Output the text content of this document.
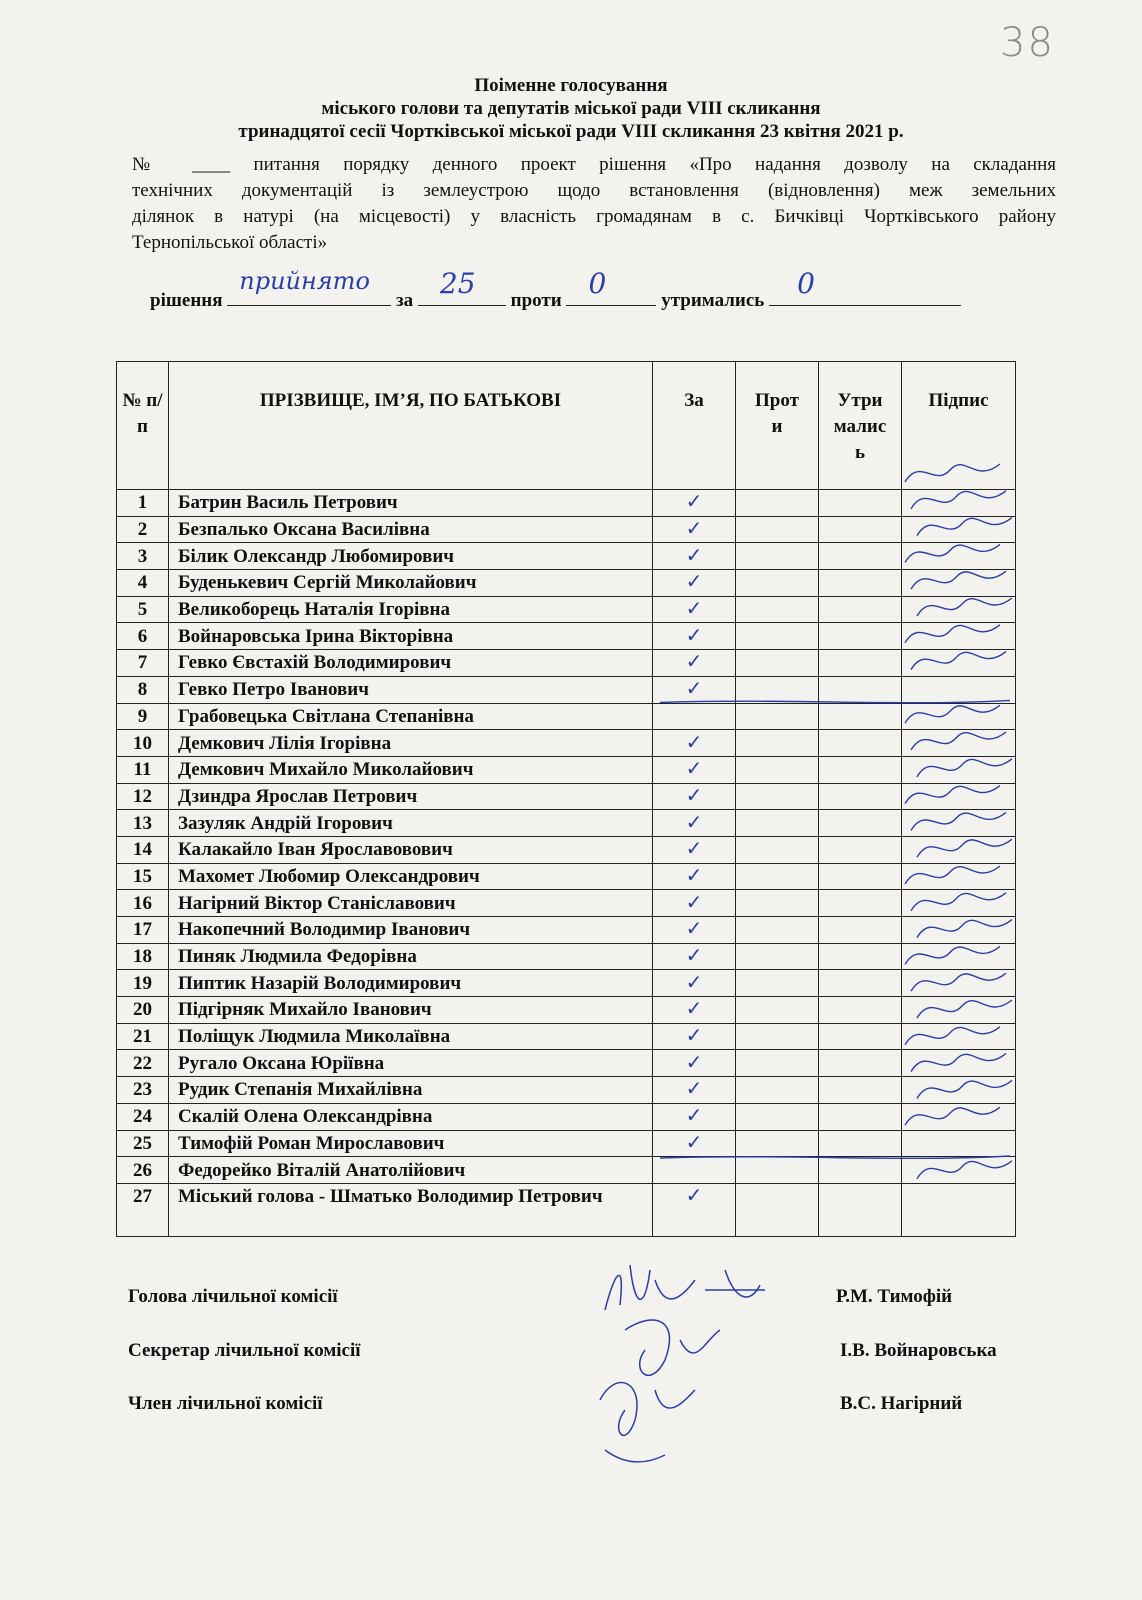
38
Поіменне голосування
міського голови та депутатів міської ради VIII скликання
тринадцятої сесії Чортківської міської ради VIII скликання 23 квітня 2021 р.
№ ____ питання порядку денного проект рішення «Про надання дозволу на складання
технічних документацій із землеустрою щодо встановлення (відновлення) меж земельних
ділянок в натурі (на місцевості) у власність громадянам в с. Бичківці Чортківського району
Тернопільської області»
рішення
прийнято
за
25
проти
0
утримались
0
№ п/п	ПРІЗВИЩЕ, ІМ’Я, ПО БАТЬКОВІ	За	Проти	Утримались	Підпис
1	Батрин Василь Петрович	✓			
2	Безпалько Оксана Василівна	✓			
3	Білик Олександр Любомирович	✓			
4	Буденькевич Сергій Миколайович	✓			
5	Великоборець Наталія Ігорівна	✓			
6	Войнаровська Ірина Вікторівна	✓			
7	Гевко Євстахій Володимирович	✓			
8	Гевко Петро Іванович	✓			
9	Грабовецька Світлана Степанівна				
10	Демкович Лілія Ігорівна	✓			
11	Демкович Михайло Миколайович	✓			
12	Дзиндра Ярослав Петрович	✓			
13	Зазуляк Андрій Ігорович	✓			
14	Калакайло Іван Ярославовович	✓			
15	Махомет Любомир Олександрович	✓			
16	Нагірний Віктор Станіславович	✓			
17	Накопечний Володимир Іванович	✓			
18	Пиняк Людмила Федорівна	✓			
19	Пиптик Назарій Володимирович	✓			
20	Підгірняк Михайло Іванович	✓			
21	Поліщук Людмила Миколаївна	✓			
22	Ругало Оксана Юріївна	✓			
23	Рудик Степанія Михайлівна	✓			
24	Скалій Олена Олександрівна	✓			
25	Тимофій Роман Мирославович	✓			
26	Федорейко Віталій Анатолійович				
27	Міський голова - Шматько Володимир Петрович	✓			
Голова лічильної комісії	Р.М. Тимофій
Секретар лічильної комісії	І.В. Войнаровська
Член лічильної комісії	В.С. Нагірний
